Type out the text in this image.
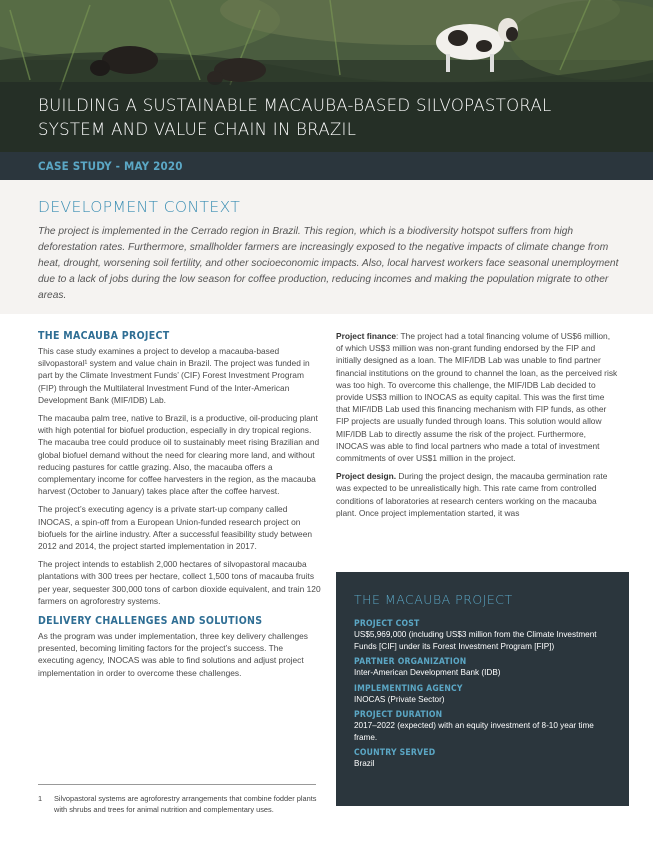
BUILDING A SUSTAINABLE MACAUBA-BASED SILVOPASTORAL
SYSTEM AND VALUE CHAIN IN BRAZIL
CASE STUDY - MAY 2020
DEVELOPMENT CONTEXT
The project is implemented in the Cerrado region in Brazil. This region, which is a biodiversity hotspot suffers from high deforestation rates. Furthermore, smallholder farmers are increasingly exposed to the negative impacts of climate change from heat, drought, worsening soil fertility, and other socioeconomic impacts. Also, local harvest workers face seasonal unemployment due to a lack of jobs during the low season for coffee production, reducing incomes and making the population migrate to other areas.
THE MACAUBA PROJECT

This case study examines a project to develop a macauba-based silvopastoral¹ system and value chain in Brazil. The project was funded in part by the Climate Investment Funds’ (CIF) Forest Investment Program (FIP) through the Multilateral Investment Fund of the Inter-American Development Bank (MIF/IDB) Lab.

The macauba palm tree, native to Brazil, is a productive, oil-producing plant with high potential for biofuel production, especially in dry tropical regions. The macauba tree could produce oil to sustainably meet rising Brazilian and global biofuel demand without the need for clearing more land, and without reducing pastures for cattle grazing. Also, the macauba offers a complementary income for coffee harvesters in the region, as the macauba harvest (October to January) takes place after the coffee harvest.

The project’s executing agency is a private start-up company called INOCAS, a spin-off from a European Union-funded research project on biofuels for the airline industry. After a successful feasibility study between 2012 and 2014, the project started implementation in 2017.

The project intends to establish 2,000 hectares of silvopastoral macauba plantations with 300 trees per hectare, collect 1,500 tons of macauba fruits per year, sequester 300,000 tons of carbon dioxide equivalent, and train 120 farmers on agroforestry systems.

DELIVERY CHALLENGES AND SOLUTIONS

As the program was under implementation, three key delivery challenges presented, becoming limiting factors for the project’s success. The executing agency, INOCAS was able to find solutions and adjust project implementation in order to overcome these challenges.

1	Silvopastoral systems are agroforestry arrangements that combine fodder plants with shrubs and trees for animal nutrition and complementary uses.

Project finance: The project had a total financing volume of US$6 million, of which US$3 million was non-grant funding endorsed by the FIP and initially designed as a loan. The MIF/IDB Lab was unable to find partner financial institutions on the ground to channel the loan, as the perceived risk was too high. To overcome this challenge, the MIF/IDB Lab decided to provide US$3 million to INOCAS as equity capital. This was the first time that MIF/IDB Lab used this financing mechanism with FIP funds, as other FIP projects are usually funded through loans. This solution would allow MIF/IDB Lab to directly assume the risk of the project. Furthermore, INOCAS was able to find local partners who made a total of investment commitments of over US$1 million in the project.

Project design. During the project design, the macauba germination rate was expected to be unrealistically high. This rate came from controlled conditions of laboratories at research centers working on the macauba plant. Once project implementation started, it was

THE MACAUBA PROJECT
PROJECT COST
US$5,969,000 (including US$3 million from the Climate Investment Funds [CIF] under its Forest Investment Program [FIP])
PARTNER ORGANIZATION
Inter-American Development Bank (IDB)
IMPLEMENTING AGENCY
INOCAS (Private Sector)
PROJECT DURATION
2017–2022 (expected) with an equity investment of 8-10 year time frame.
COUNTRY SERVED
Brazil
